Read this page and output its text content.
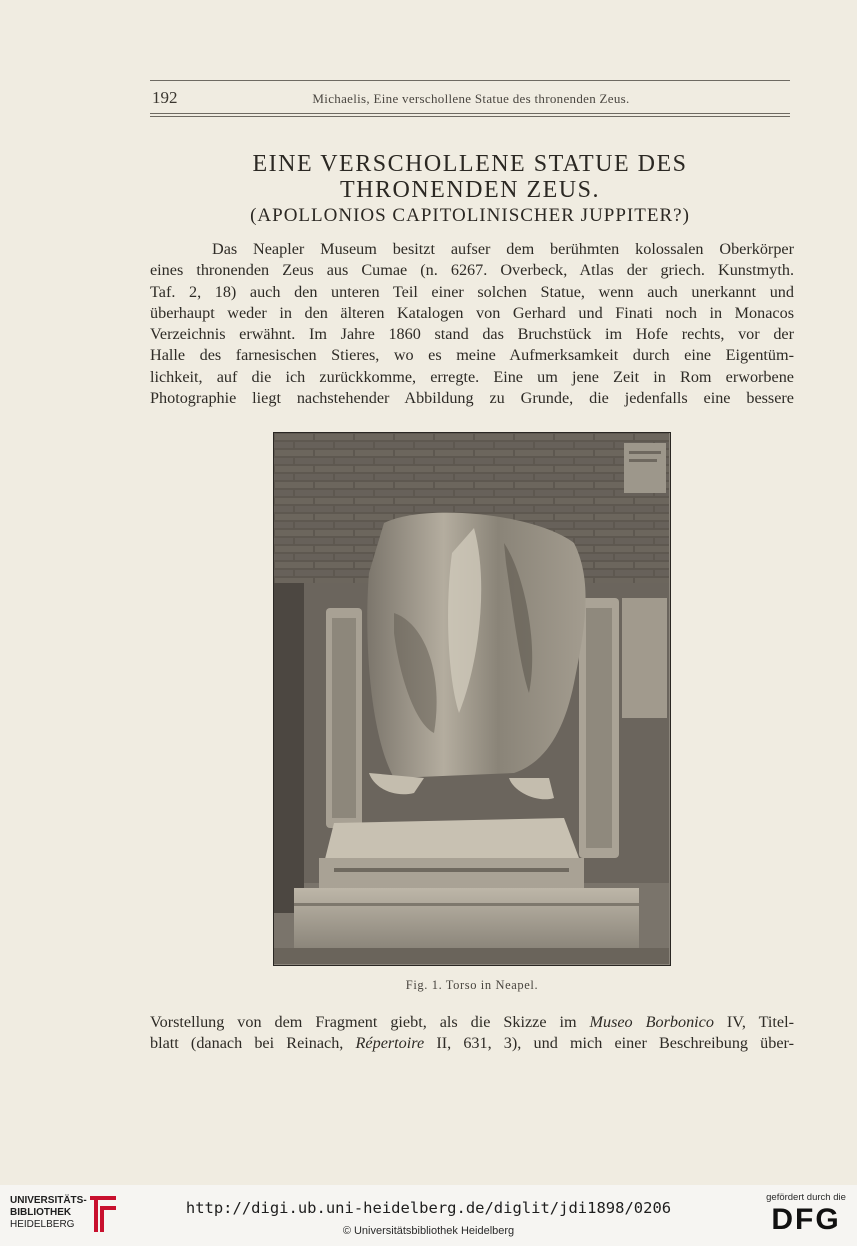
192	Michaelis, Eine verschollene Statue des thronenden Zeus.
EINE VERSCHOLLENE STATUE DES
THRONENDEN ZEUS.
(APOLLONIOS CAPITOLINISCHER JUPPITER?)
Das Neapler Museum besitzt aufser dem berühmten kolossalen Oberkörper
eines thronenden Zeus aus Cumae (n. 6267. Overbeck, Atlas der griech. Kunstmyth.
Taf. 2, 18) auch den unteren Teil einer solchen Statue, wenn auch unerkannt und
überhaupt weder in den älteren Katalogen von Gerhard und Finati noch in Monacos
Verzeichnis erwähnt. Im Jahre 1860 stand das Bruchstück im Hofe rechts, vor der
Halle des farnesischen Stieres, wo es meine Aufmerksamkeit durch eine Eigentüm-
lichkeit, auf die ich zurückkomme, erregte. Eine um jene Zeit in Rom erworbene
Photographie liegt nachstehender Abbildung zu Grunde, die jedenfalls eine bessere
Fig. 1. Torso in Neapel.
Vorstellung von dem Fragment giebt, als die Skizze im Museo Borbonico IV, Titel-
blatt (danach bei Reinach, Répertoire II, 631, 3), und mich einer Beschreibung über-
UNIVERSITÄTS-
BIBLIOTHEK
HEIDELBERG
http://digi.ub.uni-heidelberg.de/diglit/jdi1898/0206
© Universitätsbibliothek Heidelberg
gefördert durch die
DFG
